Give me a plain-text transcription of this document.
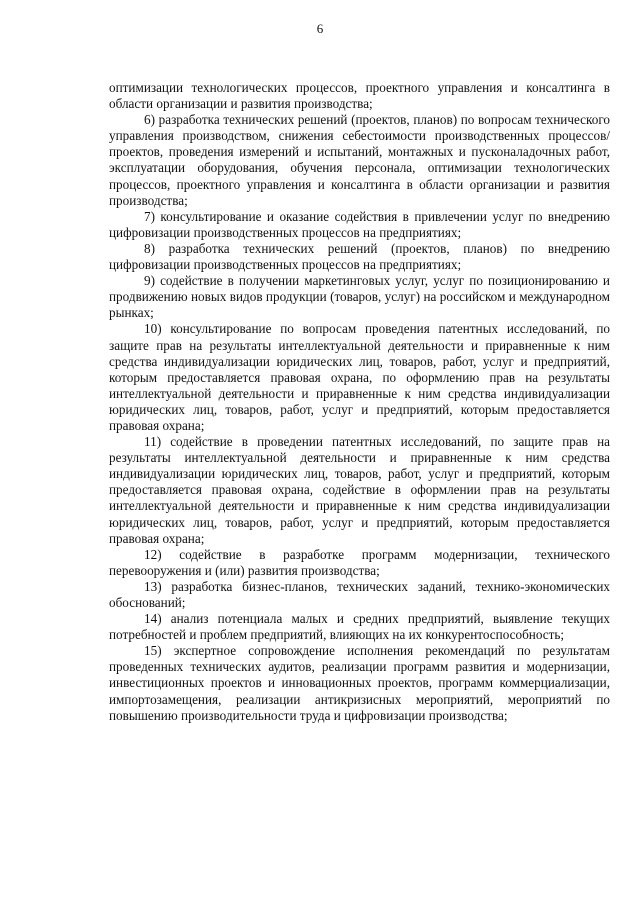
6

оптимизации технологических процессов, проектного управления и консалтинга в области организации и развития производства;

6) разработка технических решений (проектов, планов) по вопросам технического управления производством, снижения себестоимости производственных процессов/проектов, проведения измерений и испытаний, монтажных и пусконаладочных работ, эксплуатации оборудования, обучения персонала, оптимизации технологических процессов, проектного управления и консалтинга в области организации и развития производства;

7) консультирование и оказание содействия в привлечении услуг по внедрению цифровизации производственных процессов на предприятиях;

8) разработка технических решений (проектов, планов) по внедрению цифровизации производственных процессов на предприятиях;

9) содействие в получении маркетинговых услуг, услуг по позиционированию и продвижению новых видов продукции (товаров, услуг) на российском и международном рынках;

10) консультирование по вопросам проведения патентных исследований, по защите прав на результаты интеллектуальной деятельности и приравненные к ним средства индивидуализации юридических лиц, товаров, работ, услуг и предприятий, которым предоставляется правовая охрана, по оформлению прав на результаты интеллектуальной деятельности и приравненные к ним средства индивидуализации юридических лиц, товаров, работ, услуг и предприятий, которым предоставляется правовая охрана;

11) содействие в проведении патентных исследований, по защите прав на результаты интеллектуальной деятельности и приравненные к ним средства индивидуализации юридических лиц, товаров, работ, услуг и предприятий, которым предоставляется правовая охрана, содействие в оформлении прав на результаты интеллектуальной деятельности и приравненные к ним средства индивидуализации юридических лиц, товаров, работ, услуг и предприятий, которым предоставляется правовая охрана;

12) содействие в разработке программ модернизации, технического перевооружения и (или) развития производства;

13) разработка бизнес-планов, технических заданий, технико-экономических обоснований;

14) анализ потенциала малых и средних предприятий, выявление текущих потребностей и проблем предприятий, влияющих на их конкурентоспособность;

15) экспертное сопровождение исполнения рекомендаций по результатам проведенных технических аудитов, реализации программ развития и модернизации, инвестиционных проектов и инновационных проектов, программ коммерциализации, импортозамещения, реализации антикризисных мероприятий, мероприятий по повышению производительности труда и цифровизации производства;
